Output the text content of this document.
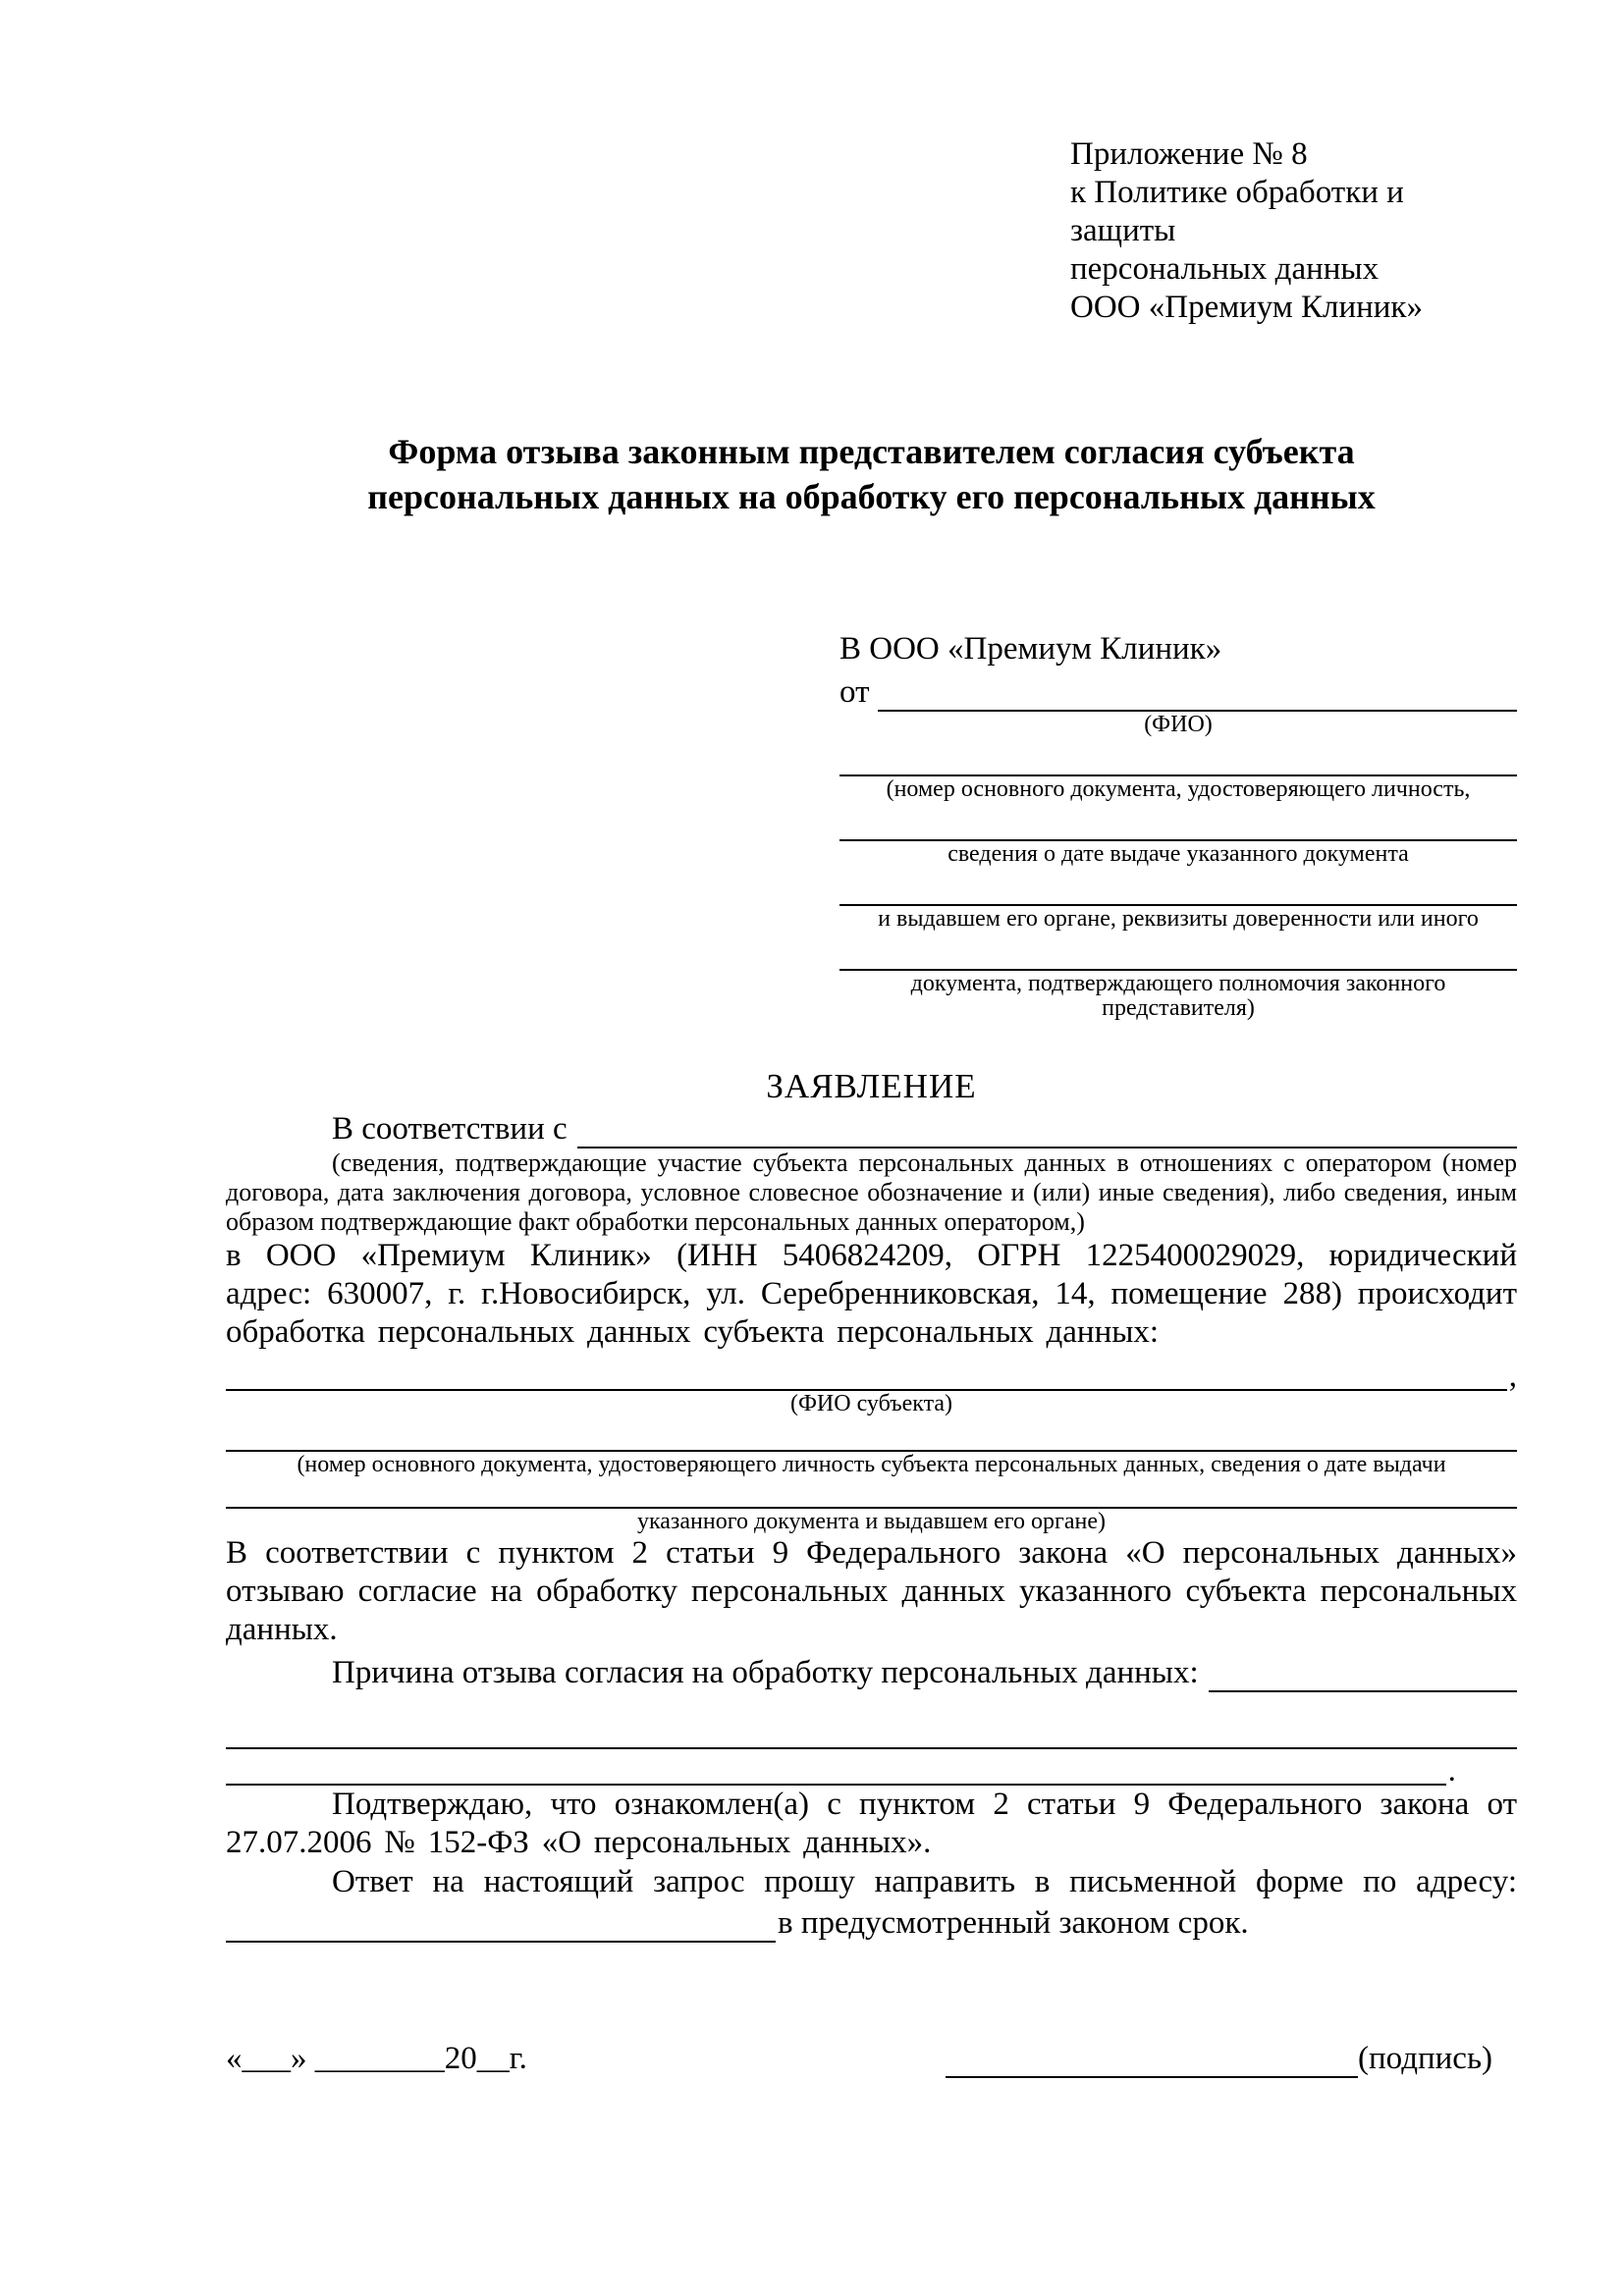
Приложение № 8
к Политике обработки и защиты
персональных данных
ООО «Премиум Клиник»
Форма отзыва законным представителем согласия субъекта
персональных данных на обработку его персональных данных
В ООО «Премиум Клиник»
от
(ФИО)
(номер основного документа, удостоверяющего личность,
сведения о дате выдаче указанного документа
и выдавшем его органе, реквизиты доверенности или иного
документа, подтверждающего полномочия законного представителя)
ЗАЯВЛЕНИЕ
В соответствии с
(сведения, подтверждающие участие субъекта персональных данных в отношениях с оператором (номер договора, дата заключения договора, условное словесное обозначение и (или) иные сведения), либо сведения, иным образом подтверждающие факт обработки персональных данных оператором,)
в ООО «Премиум Клиник» (ИНН 5406824209, ОГРН 1225400029029, юридический адрес: 630007, г. г.Новосибирск, ул. Серебренниковская, 14, помещение 288) происходит обработка персональных данных субъекта персональных данных:
,
(ФИО субъекта)
(номер основного документа, удостоверяющего личность субъекта персональных данных, сведения о дате выдачи
указанного документа и выдавшем его органе)
В соответствии с пунктом 2 статьи 9 Федерального закона «О персональных данных» отзываю согласие на обработку персональных данных указанного субъекта персональных данных.
Причина отзыва согласия на обработку персональных данных:
.
Подтверждаю, что ознакомлен(а) с пунктом 2 статьи 9 Федерального закона от 27.07.2006 № 152-ФЗ «О персональных данных».
Ответ на настоящий запрос прошу направить в письменной форме по адресу:
в предусмотренный законом срок.
«___» ________20__г.	(подпись)
